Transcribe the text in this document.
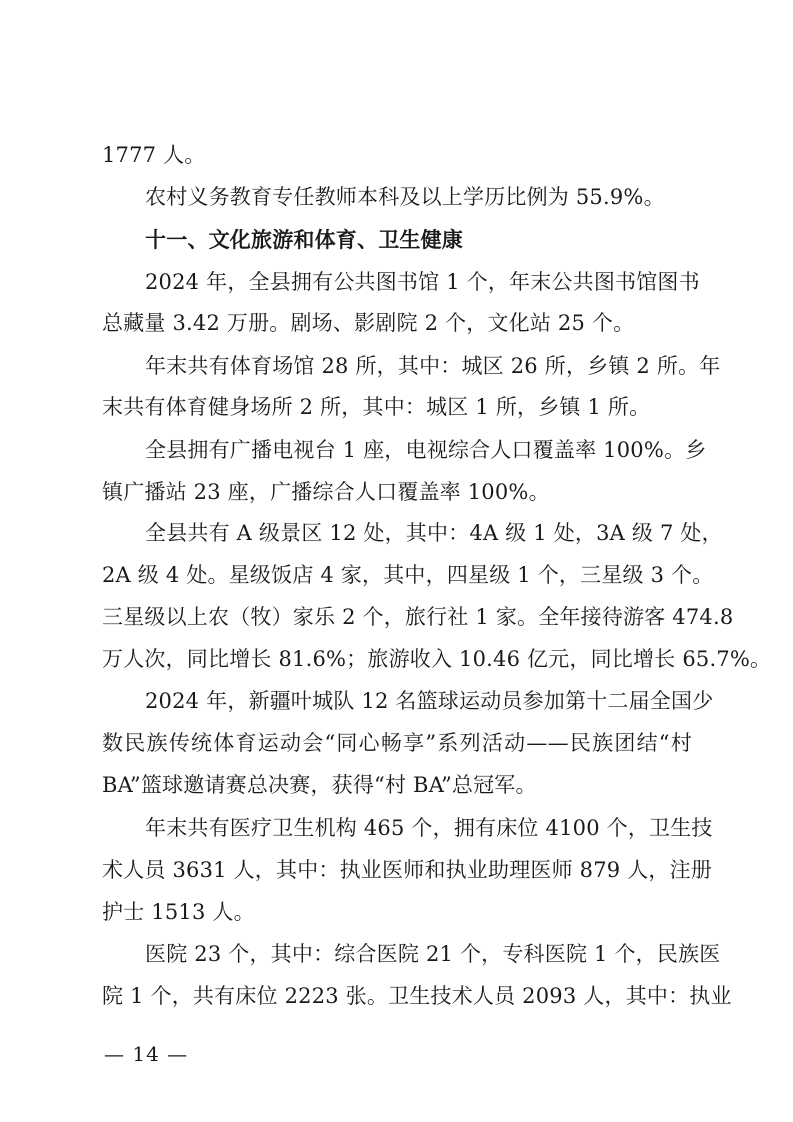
1777 人。
农村义务教育专任教师本科及以上学历比例为 55.9%。
十一、文化旅游和体育、卫生健康
2024 年，全县拥有公共图书馆 1 个，年末公共图书馆图书
总藏量 3.42 万册。剧场、影剧院 2 个，文化站 25 个。
年末共有体育场馆 28 所，其中：城区 26 所，乡镇 2 所。年
末共有体育健身场所 2 所，其中：城区 1 所，乡镇 1 所。
全县拥有广播电视台 1 座，电视综合人口覆盖率 100%。乡
镇广播站 23 座，广播综合人口覆盖率 100%。
全县共有 A 级景区 12 处，其中：4A 级 1 处，3A 级 7 处，
2A 级 4 处。星级饭店 4 家，其中，四星级 1 个，三星级 3 个。
三星级以上农（牧）家乐 2 个，旅行社 1 家。全年接待游客 474.8
万人次，同比增长 81.6%；旅游收入 10.46 亿元，同比增长 65.7%。
2024 年，新疆叶城队 12 名篮球运动员参加第十二届全国少
数民族传统体育运动会“同心畅享”系列活动——民族团结“村
BA”篮球邀请赛总决赛，获得“村 BA”总冠军。
年末共有医疗卫生机构 465 个，拥有床位 4100 个，卫生技
术人员 3631 人，其中：执业医师和执业助理医师 879 人，注册
护士 1513 人。
医院 23 个，其中：综合医院 21 个，专科医院 1 个，民族医
院 1 个，共有床位 2223 张。卫生技术人员 2093 人，其中：执业
— 14 —
